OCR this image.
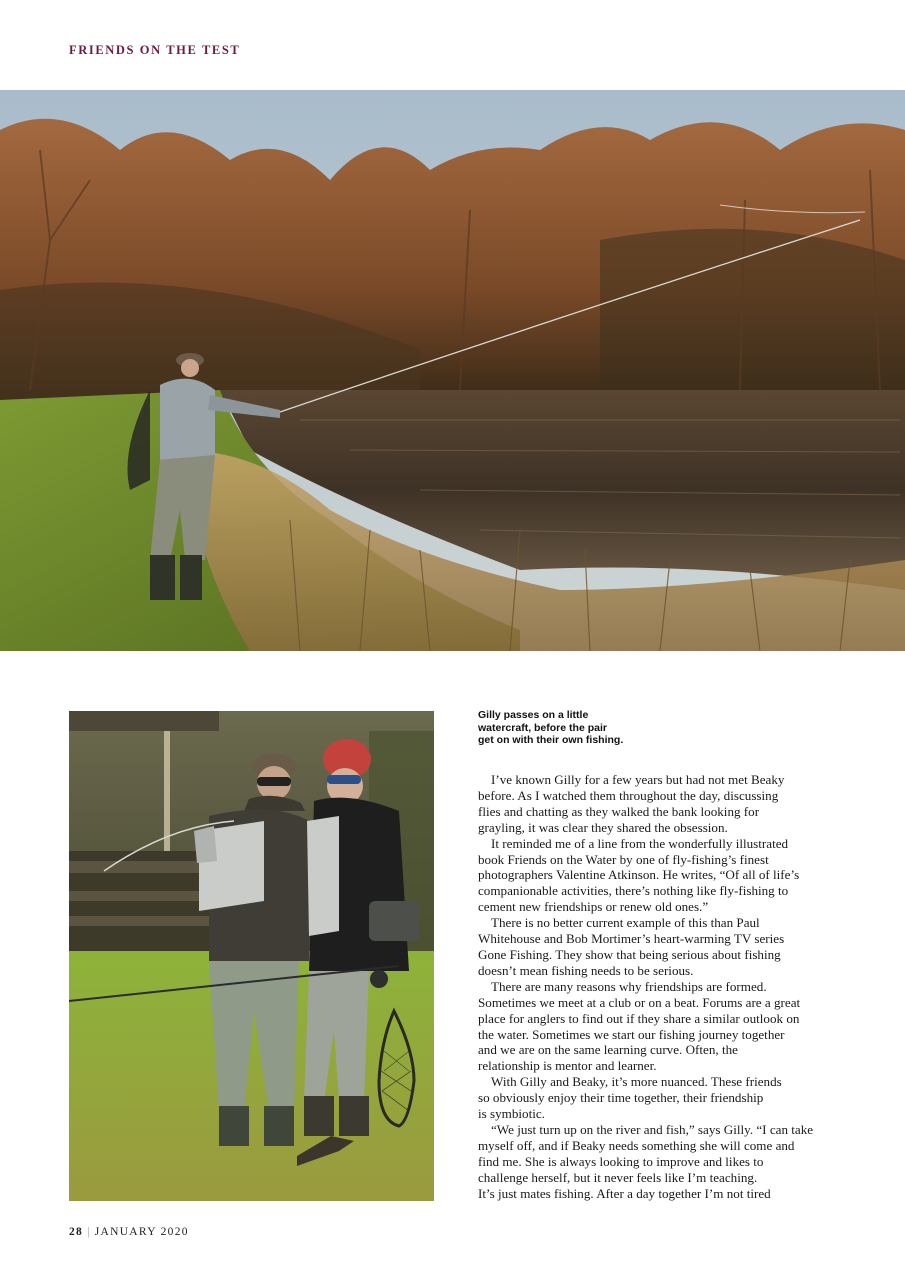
FRIENDS ON THE TEST
Gilly passes on a little
watercraft, before the pair
get on with their own fishing.
I’ve known Gilly for a few years but had not met Beaky
before. As I watched them throughout the day, discussing
flies and chatting as they walked the bank looking for
grayling, it was clear they shared the obsession.
It reminded me of a line from the wonderfully illustrated
book Friends on the Water by one of fly-fishing’s finest
photographers Valentine Atkinson. He writes, “Of all of life’s
companionable activities, there’s nothing like fly-fishing to
cement new friendships or renew old ones.”
There is no better current example of this than Paul
Whitehouse and Bob Mortimer’s heart-warming TV series
Gone Fishing. They show that being serious about fishing
doesn’t mean fishing needs to be serious.
There are many reasons why friendships are formed.
Sometimes we meet at a club or on a beat. Forums are a great
place for anglers to find out if they share a similar outlook on
the water. Sometimes we start our fishing journey together
and we are on the same learning curve. Often, the
relationship is mentor and learner.
With Gilly and Beaky, it’s more nuanced. These friends
so obviously enjoy their time together, their friendship
is symbiotic.
“We just turn up on the river and fish,” says Gilly. “I can take
myself off, and if Beaky needs something she will come and
find me. She is always looking to improve and likes to
challenge herself, but it never feels like I’m teaching.
It’s just mates fishing. After a day together I’m not tired
28 | JANUARY 2020
